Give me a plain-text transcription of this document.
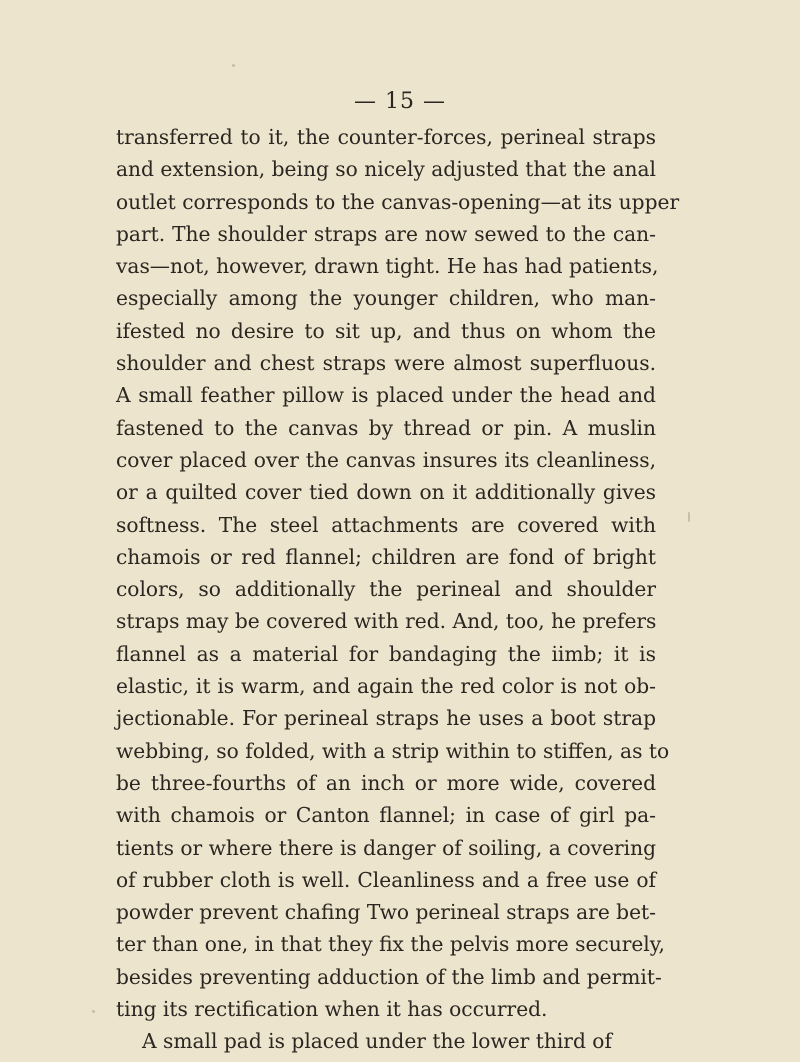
— 15 —
transferred to it, the counter-forces, perineal straps
and extension, being so nicely adjusted that the anal
outlet corresponds to the canvas-opening—at its upper
part. The shoulder straps are now sewed to the can-
vas—not, however, drawn tight. He has had patients,
especially among the younger children, who man-
ifested no desire to sit up, and thus on whom the
shoulder and chest straps were almost superfluous.
A small feather pillow is placed under the head and
fastened to the canvas by thread or pin. A muslin
cover placed over the canvas insures its cleanliness,
or a quilted cover tied down on it additionally gives
softness. The steel attachments are covered with
chamois or red flannel; children are fond of bright
colors, so additionally the perineal and shoulder
straps may be covered with red. And, too, he prefers
flannel as a material for bandaging the iimb; it is
elastic, it is warm, and again the red color is not ob-
jectionable. For perineal straps he uses a boot strap
webbing, so folded, with a strip within to stiffen, as to
be three-fourths of an inch or more wide, covered
with chamois or Canton flannel; in case of girl pa-
tients or where there is danger of soiling, a covering
of rubber cloth is well. Cleanliness and a free use of
powder prevent chafing Two perineal straps are bet-
ter than one, in that they fix the pelvis more securely,
besides preventing adduction of the limb and permit-
ting its rectification when it has occurred.
A small pad is placed under the lower third of
